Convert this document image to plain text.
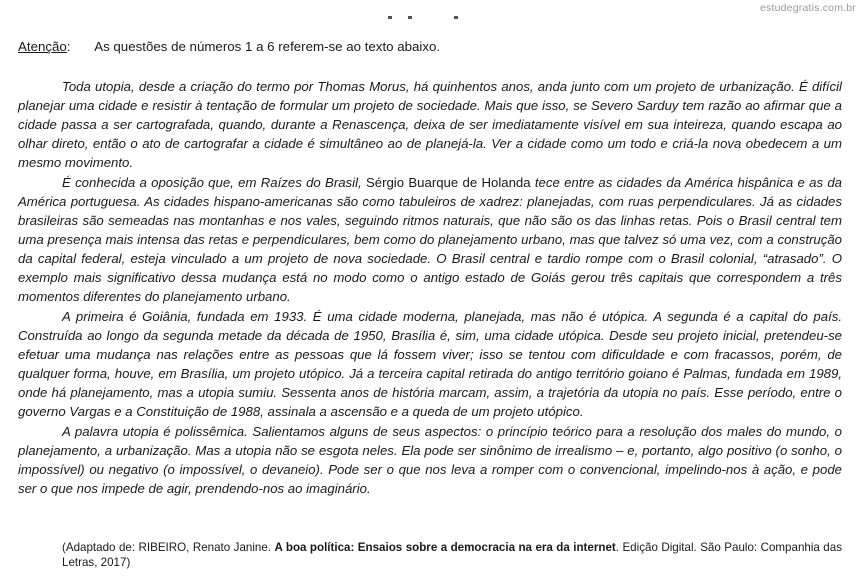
estudegratis.com.br
Atenção: As questões de números 1 a 6 referem-se ao texto abaixo.

Toda utopia, desde a criação do termo por Thomas Morus, há quinhentos anos, anda junto com um projeto de urbanização. É difícil planejar uma cidade e resistir à tentação de formular um projeto de sociedade. Mais que isso, se Severo Sarduy tem razão ao afirmar que a cidade passa a ser cartografada, quando, durante a Renascença, deixa de ser imediatamente visível em sua inteireza, quando escapa ao olhar direto, então o ato de cartografar a cidade é simultâneo ao de planejá-la. Ver a cidade como um todo e criá-la nova obedecem a um mesmo movimento.

É conhecida a oposição que, em Raízes do Brasil, Sérgio Buarque de Holanda tece entre as cidades da América hispânica e as da América portuguesa. As cidades hispano-americanas são como tabuleiros de xadrez: planejadas, com ruas perpendiculares. Já as cidades brasileiras são semeadas nas montanhas e nos vales, seguindo ritmos naturais, que não são os das linhas retas. Pois o Brasil central tem uma presença mais intensa das retas e perpendiculares, bem como do planejamento urbano, mas que talvez só uma vez, com a construção da capital federal, esteja vinculado a um projeto de nova sociedade. O Brasil central e tardio rompe com o Brasil colonial, “atrasado”. O exemplo mais significativo dessa mudança está no modo como o antigo estado de Goiás gerou três capitais que correspondem a três momentos diferentes do planejamento urbano.

A primeira é Goiânia, fundada em 1933. É uma cidade moderna, planejada, mas não é utópica. A segunda é a capital do país. Construída ao longo da segunda metade da década de 1950, Brasília é, sim, uma cidade utópica. Desde seu projeto inicial, pretendeu-se efetuar uma mudança nas relações entre as pessoas que lá fossem viver; isso se tentou com dificuldade e com fracassos, porém, de qualquer forma, houve, em Brasília, um projeto utópico. Já a terceira capital retirada do antigo território goiano é Palmas, fundada em 1989, onde há planejamento, mas a utopia sumiu. Sessenta anos de história marcam, assim, a trajetória da utopia no país. Esse período, entre o governo Vargas e a Constituição de 1988, assinala a ascensão e a queda de um projeto utópico.

A palavra utopia é polissêmica. Salientamos alguns de seus aspectos: o princípio teórico para a resolução dos males do mundo, o planejamento, a urbanização. Mas a utopia não se esgota neles. Ela pode ser sinônimo de irrealismo – e, portanto, algo positivo (o sonho, o impossível) ou negativo (o impossível, o devaneio). Pode ser o que nos leva a romper com o convencional, impelindo-nos à ação, e pode ser o que nos impede de agir, prendendo-nos ao imaginário.

(Adaptado de: RIBEIRO, Renato Janine. A boa política: Ensaios sobre a democracia na era da internet. Edição Digital. São Paulo: Companhia das Letras, 2017)
